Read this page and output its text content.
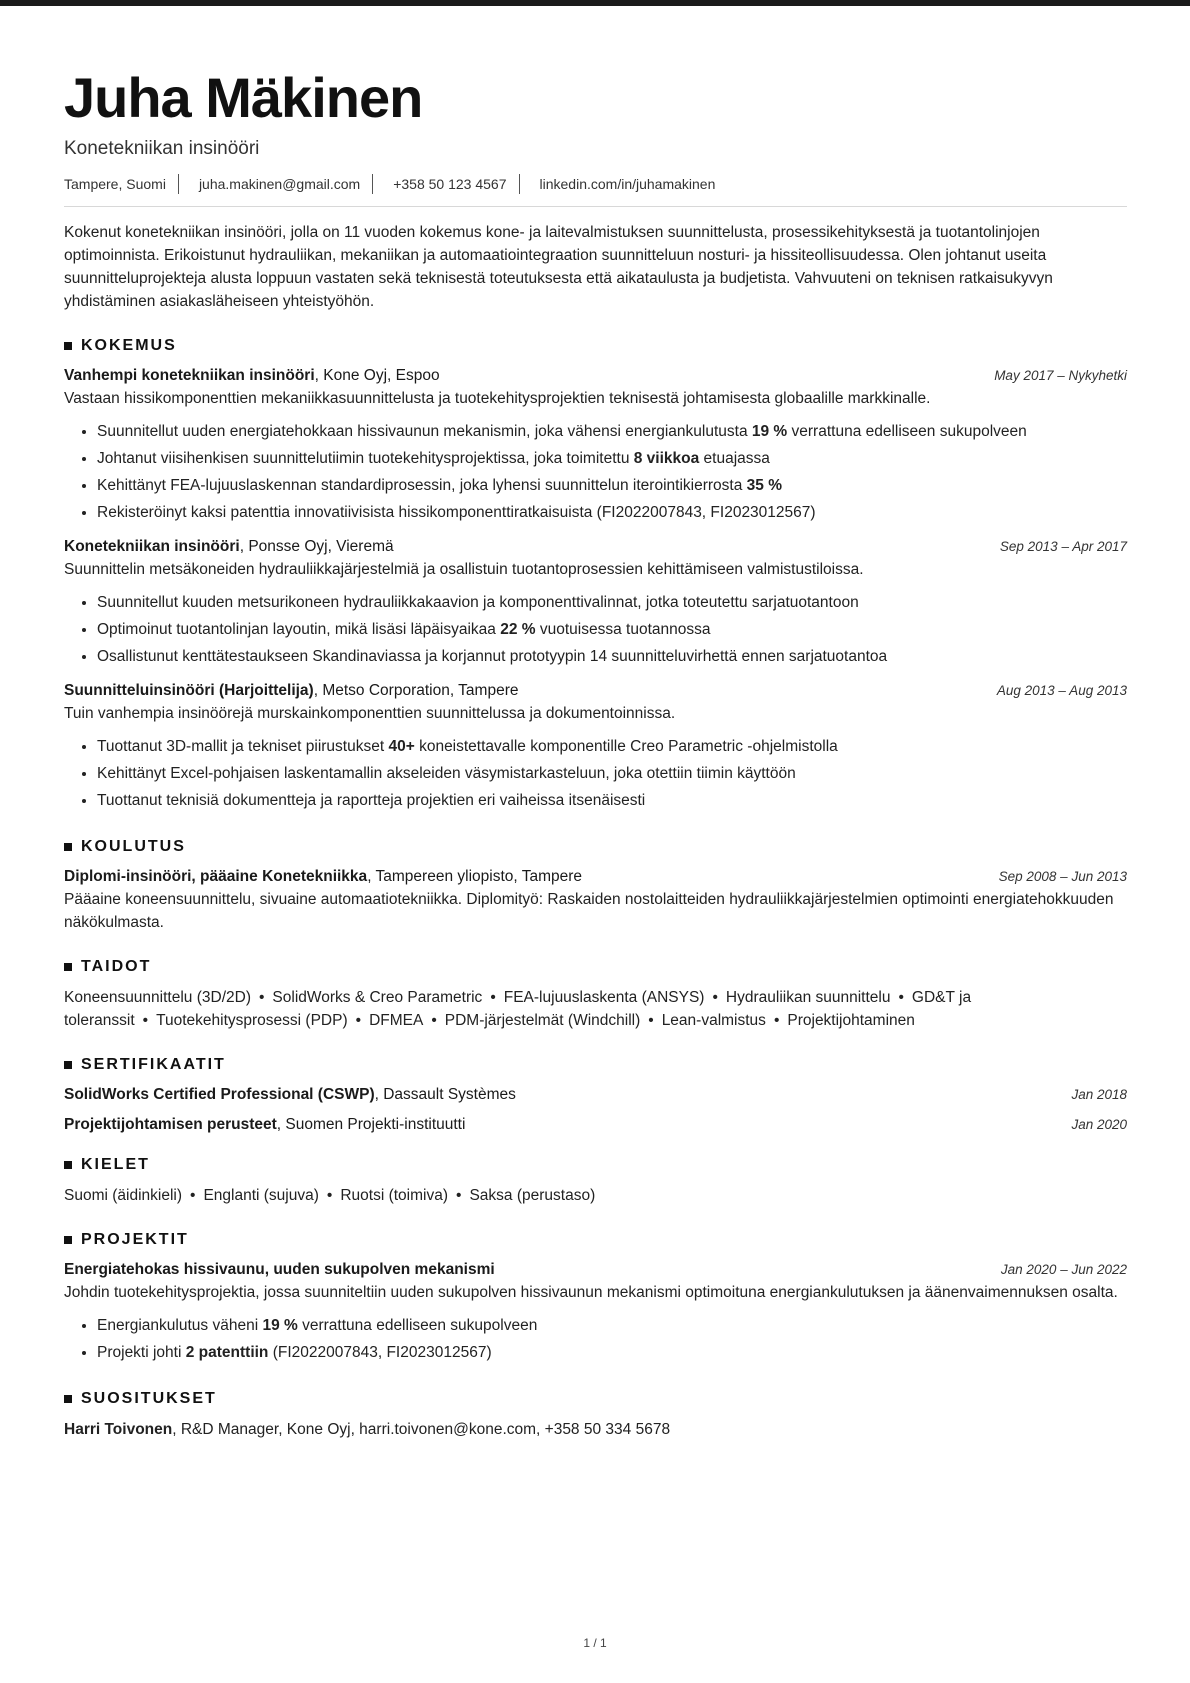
Juha Mäkinen
Konetekniikan insinööri
Tampere, Suomi	juha.makinen@gmail.com	+358 50 123 4567	linkedin.com/in/juhamakinen
Kokenut konetekniikan insinööri, jolla on 11 vuoden kokemus kone- ja laitevalmistuksen suunnittelusta, prosessikehityksestä ja tuotantolinjojen optimoinnista. Erikoistunut hydrauliikan, mekaniikan ja automaatiointegraation suunnitteluun nosturi- ja hissiteollisuudessa. Olen johtanut useita suunnitteluprojekteja alusta loppuun vastaten sekä teknisestä toteutuksesta että aikataulusta ja budjetista. Vahvuuteni on teknisen ratkaisukyvyn yhdistäminen asiakasläheiseen yhteistyöhön.
KOKEMUS
Vanhempi konetekniikan insinööri, Kone Oyj, Espoo	May 2017 – Nykyhetki
Vastaan hissikomponenttien mekaniikkasuunnittelusta ja tuotekehitysprojektien teknisestä johtamisesta globaalille markkinalle.
• Suunnitellut uuden energiatehokkaan hissivaunun mekanismin, joka vähensi energiankulutusta 19 % verrattuna edelliseen sukupolveen
• Johtanut viisihenkisen suunnittelutiimin tuotekehitysprojektissa, joka toimitettu 8 viikkoa etuajassa
• Kehittänyt FEA-lujuuslaskennan standardiprosessin, joka lyhensi suunnittelun iterointikierrosta 35 %
• Rekisteröinyt kaksi patenttia innovatiivisista hissikomponenttiratkaisuista (FI2022007843, FI2023012567)
Konetekniikan insinööri, Ponsse Oyj, Vieremä	Sep 2013 – Apr 2017
Suunnittelin metsäkoneiden hydrauliikkajärjestelmiä ja osallistuin tuotantoprosessien kehittämiseen valmistustiloissa.
• Suunnitellut kuuden metsurikoneen hydrauliikkakaavion ja komponenttivalinnat, jotka toteutettu sarjatuotantoon
• Optimoinut tuotantolinjan layoutin, mikä lisäsi läpäisyaikaa 22 % vuotuisessa tuotannossa
• Osallistunut kenttätestaukseen Skandinaviassa ja korjannut prototyypin 14 suunnitteluvirhettä ennen sarjatuotantoa
Suunnitteluinsinööri (Harjoittelija), Metso Corporation, Tampere	Aug 2013 – Aug 2013
Tuin vanhempia insinöörejä murskainkomponenttien suunnittelussa ja dokumentoinnissa.
• Tuottanut 3D-mallit ja tekniset piirustukset 40+ koneistettavalle komponentille Creo Parametric -ohjelmistolla
• Kehittänyt Excel-pohjaisen laskentamallin akseleiden väsymistarkasteluun, joka otettiin tiimin käyttöön
• Tuottanut teknisiä dokumentteja ja raportteja projektien eri vaiheissa itsenäisesti
KOULUTUS
Diplomi-insinööri, pääaine Konetekniikka, Tampereen yliopisto, Tampere	Sep 2008 – Jun 2013
Pääaine koneensuunnittelu, sivuaine automaatiotekniikka. Diplomityö: Raskaiden nostolaitteiden hydrauliikkajärjestelmien optimointi energiatehokkuuden näkökulmasta.
TAIDOT
Koneensuunnittelu (3D/2D) • SolidWorks & Creo Parametric • FEA-lujuuslaskenta (ANSYS) • Hydrauliikan suunnittelu • GD&T ja toleranssit • Tuotekehitysprosessi (PDP) • DFMEA • PDM-järjestelmät (Windchill) • Lean-valmistus • Projektijohtaminen
SERTIFIKAATIT
SolidWorks Certified Professional (CSWP), Dassault Systèmes	Jan 2018
Projektijohtamisen perusteet, Suomen Projekti-instituutti	Jan 2020
KIELET
Suomi (äidinkieli) • Englanti (sujuva) • Ruotsi (toimiva) • Saksa (perustaso)
PROJEKTIT
Energiatehokas hissivaunu, uuden sukupolven mekanismi	Jan 2020 – Jun 2022
Johdin tuotekehitysprojektia, jossa suunniteltiin uuden sukupolven hissivaunun mekanismi optimoituna energiankulutuksen ja äänenvaimennuksen osalta.
• Energiankulutus väheni 19 % verrattuna edelliseen sukupolveen
• Projekti johti 2 patenttiin (FI2022007843, FI2023012567)
SUOSITUKSET
Harri Toivonen, R&D Manager, Kone Oyj, harri.toivonen@kone.com, +358 50 334 5678
1 / 1
